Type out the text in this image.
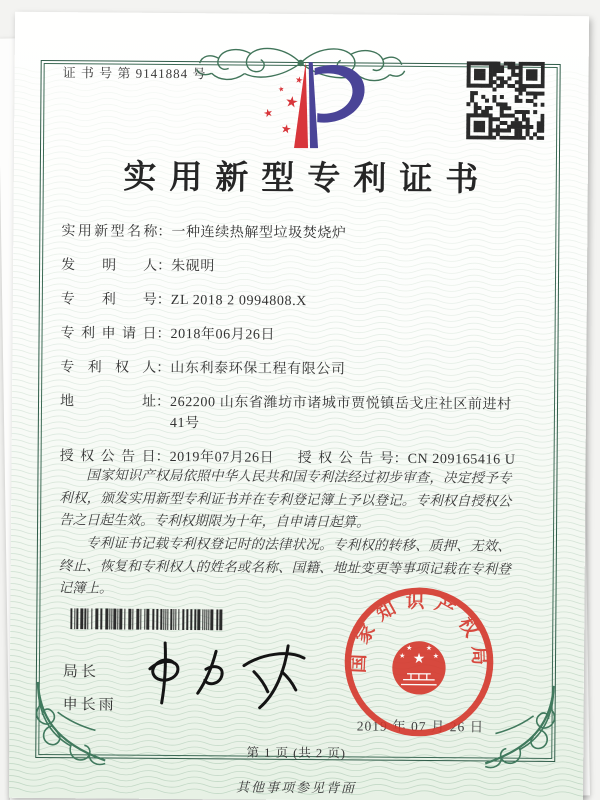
证 书 号 第 9141884 号	★
★
★
★
★
实用新型专利证书
实用新型名称 ： 一种连续热解型垃圾焚烧炉
发明人 ： 朱砚明
专利号 ： ZL 2018 2 0994808.X
专利申请日 ： 2018年06月26日
专利权人 ： 山东利泰环保工程有限公司
地址 ： 262200 山东省潍坊市诸城市贾悦镇岳戈庄社区前进村41号
授权公告日 ： 2019年07月26日	授权公告号 ： CN 209165416 U

国家知识产权局依照中华人民共和国专利法经过初步审查，决定授予专利权，颁发实用新型专利证书并在专利登记簿上予以登记。专利权自授权公告之日起生效。专利权期限为十年，自申请日起算。

专利证书记载专利权登记时的法律状况。专利权的转移、质押、无效、终止、恢复和专利权人的姓名或名称、国籍、地址变更等事项记载在专利登记簿上。

局长
申长雨
2019 年 07 月 26 日
国家知识产权局
★
★
★ ★
★
第 1 页 (共 2 页)
其他事项参见背面
